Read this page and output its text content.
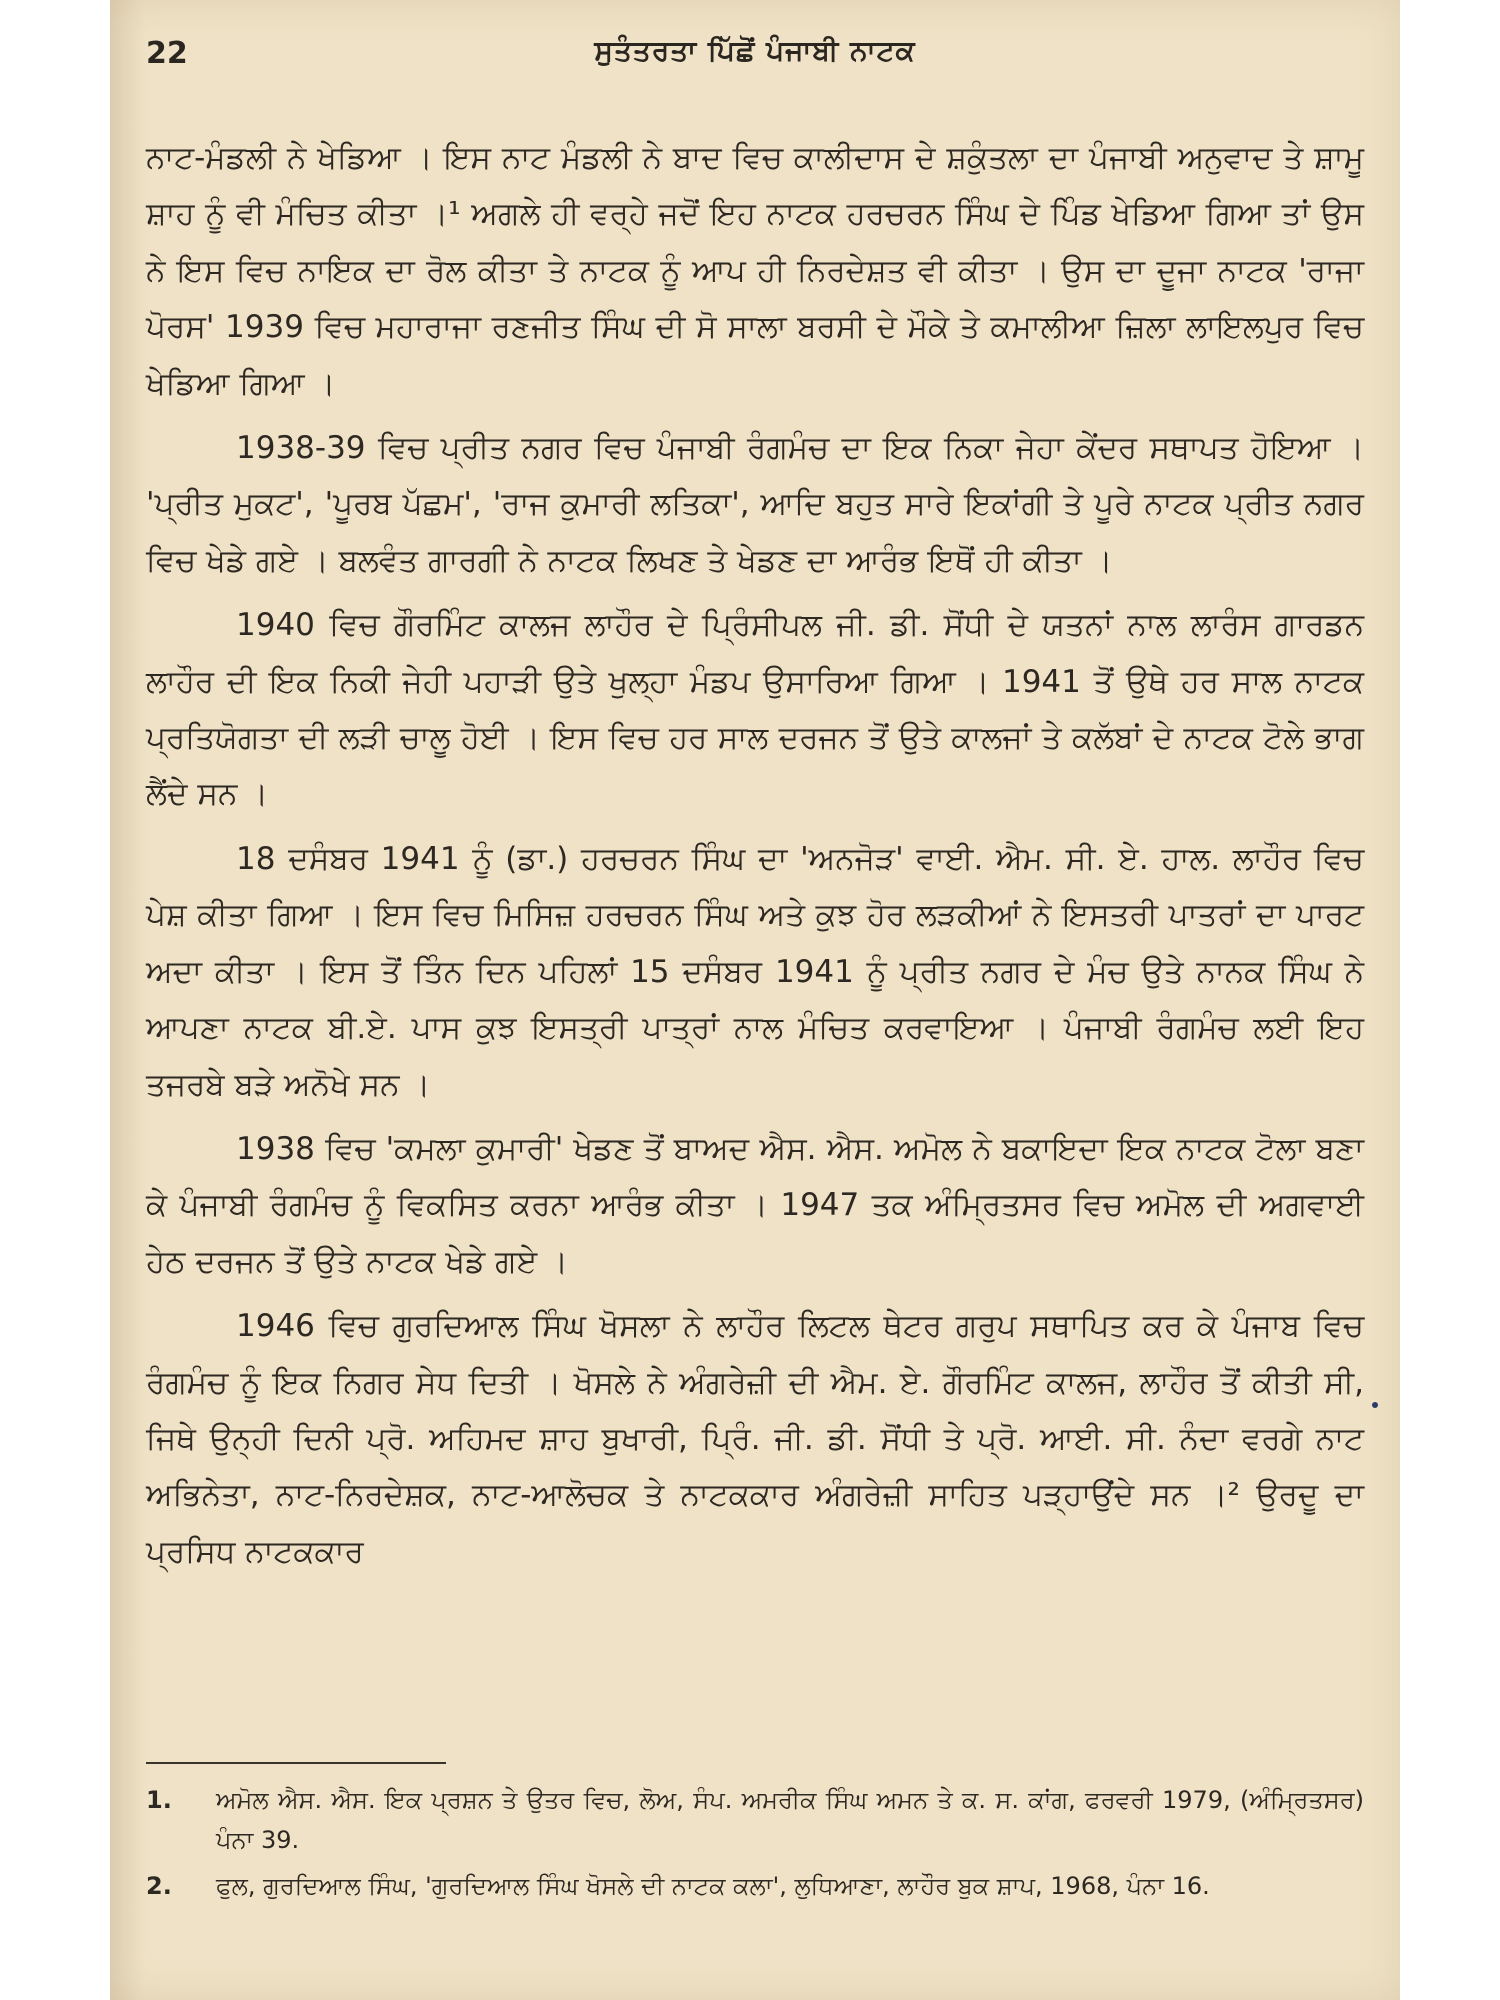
22	ਸੁਤੰਤਰਤਾ ਪਿੱਛੋਂ ਪੰਜਾਬੀ ਨਾਟਕ

ਨਾਟ-ਮੰਡਲੀ ਨੇ ਖੇਡਿਆ । ਇਸ ਨਾਟ ਮੰਡਲੀ ਨੇ ਬਾਦ ਵਿਚ ਕਾਲੀਦਾਸ ਦੇ ਸ਼ਕੁੰਤਲਾ ਦਾ ਪੰਜਾਬੀ ਅਨੁਵਾਦ ਤੇ ਸ਼ਾਮੂ ਸ਼ਾਹ ਨੂੰ ਵੀ ਮੰਚਿਤ ਕੀਤਾ ।¹ ਅਗਲੇ ਹੀ ਵਰ੍ਹੇ ਜਦੋਂ ਇਹ ਨਾਟਕ ਹਰਚਰਨ ਸਿੰਘ ਦੇ ਪਿੰਡ ਖੇਡਿਆ ਗਿਆ ਤਾਂ ਉਸ ਨੇ ਇਸ ਵਿਚ ਨਾਇਕ ਦਾ ਰੋਲ ਕੀਤਾ ਤੇ ਨਾਟਕ ਨੂੰ ਆਪ ਹੀ ਨਿਰਦੇਸ਼ਤ ਵੀ ਕੀਤਾ । ਉਸ ਦਾ ਦੂਜਾ ਨਾਟਕ 'ਰਾਜਾ ਪੋਰਸ' 1939 ਵਿਚ ਮਹਾਰਾਜਾ ਰਣਜੀਤ ਸਿੰਘ ਦੀ ਸੋ ਸਾਲਾ ਬਰਸੀ ਦੇ ਮੌਕੇ ਤੇ ਕਮਾਲੀਆ ਜ਼ਿਲਾ ਲਾਇਲਪੁਰ ਵਿਚ ਖੇਡਿਆ ਗਿਆ ।

1938-39 ਵਿਚ ਪ੍ਰੀਤ ਨਗਰ ਵਿਚ ਪੰਜਾਬੀ ਰੰਗਮੰਚ ਦਾ ਇਕ ਨਿਕਾ ਜੇਹਾ ਕੇਂਦਰ ਸਥਾਪਤ ਹੋਇਆ । 'ਪ੍ਰੀਤ ਮੁਕਟ', 'ਪੂਰਬ ਪੱਛਮ', 'ਰਾਜ ਕੁਮਾਰੀ ਲਤਿਕਾ', ਆਦਿ ਬਹੁਤ ਸਾਰੇ ਇਕਾਂਗੀ ਤੇ ਪੂਰੇ ਨਾਟਕ ਪ੍ਰੀਤ ਨਗਰ ਵਿਚ ਖੇਡੇ ਗਏ । ਬਲਵੰਤ ਗਾਰਗੀ ਨੇ ਨਾਟਕ ਲਿਖਣ ਤੇ ਖੇਡਣ ਦਾ ਆਰੰਭ ਇਥੋਂ ਹੀ ਕੀਤਾ ।

1940 ਵਿਚ ਗੌਰਮਿੰਟ ਕਾਲਜ ਲਾਹੌਰ ਦੇ ਪ੍ਰਿੰਸੀਪਲ ਜੀ. ਡੀ. ਸੋਂਧੀ ਦੇ ਯਤਨਾਂ ਨਾਲ ਲਾਰੰਸ ਗਾਰਡਨ ਲਾਹੌਰ ਦੀ ਇਕ ਨਿਕੀ ਜੇਹੀ ਪਹਾੜੀ ਉਤੇ ਖੁਲ੍ਹਾ ਮੰਡਪ ਉਸਾਰਿਆ ਗਿਆ । 1941 ਤੋਂ ਉਥੇ ਹਰ ਸਾਲ ਨਾਟਕ ਪ੍ਰਤਿਯੋਗਤਾ ਦੀ ਲੜੀ ਚਾਲੂ ਹੋਈ । ਇਸ ਵਿਚ ਹਰ ਸਾਲ ਦਰਜਨ ਤੋਂ ਉਤੇ ਕਾਲਜਾਂ ਤੇ ਕਲੱਬਾਂ ਦੇ ਨਾਟਕ ਟੋਲੇ ਭਾਗ ਲੈਂਦੇ ਸਨ ।

18 ਦਸੰਬਰ 1941 ਨੂੰ (ਡਾ.) ਹਰਚਰਨ ਸਿੰਘ ਦਾ 'ਅਨਜੋੜ' ਵਾਈ. ਐਮ. ਸੀ. ਏ. ਹਾਲ. ਲਾਹੌਰ ਵਿਚ ਪੇਸ਼ ਕੀਤਾ ਗਿਆ । ਇਸ ਵਿਚ ਮਿਸਿਜ਼ ਹਰਚਰਨ ਸਿੰਘ ਅਤੇ ਕੁਝ ਹੋਰ ਲੜਕੀਆਂ ਨੇ ਇਸਤਰੀ ਪਾਤਰਾਂ ਦਾ ਪਾਰਟ ਅਦਾ ਕੀਤਾ । ਇਸ ਤੋਂ ਤਿੰਨ ਦਿਨ ਪਹਿਲਾਂ 15 ਦਸੰਬਰ 1941 ਨੂੰ ਪ੍ਰੀਤ ਨਗਰ ਦੇ ਮੰਚ ਉਤੇ ਨਾਨਕ ਸਿੰਘ ਨੇ ਆਪਣਾ ਨਾਟਕ ਬੀ.ਏ. ਪਾਸ ਕੁਝ ਇਸਤ੍ਰੀ ਪਾਤ੍ਰਾਂ ਨਾਲ ਮੰਚਿਤ ਕਰਵਾਇਆ । ਪੰਜਾਬੀ ਰੰਗਮੰਚ ਲਈ ਇਹ ਤਜਰਬੇ ਬੜੇ ਅਨੋਖੇ ਸਨ ।

1938 ਵਿਚ 'ਕਮਲਾ ਕੁਮਾਰੀ' ਖੇਡਣ ਤੋਂ ਬਾਅਦ ਐਸ. ਐਸ. ਅਮੋਲ ਨੇ ਬਕਾਇਦਾ ਇਕ ਨਾਟਕ ਟੋਲਾ ਬਣਾ ਕੇ ਪੰਜਾਬੀ ਰੰਗਮੰਚ ਨੂੰ ਵਿਕਸਿਤ ਕਰਨਾ ਆਰੰਭ ਕੀਤਾ । 1947 ਤਕ ਅੰਮ੍ਰਿਤਸਰ ਵਿਚ ਅਮੋਲ ਦੀ ਅਗਵਾਈ ਹੇਠ ਦਰਜਨ ਤੋਂ ਉਤੇ ਨਾਟਕ ਖੇਡੇ ਗਏ ।

1946 ਵਿਚ ਗੁਰਦਿਆਲ ਸਿੰਘ ਖੋਸਲਾ ਨੇ ਲਾਹੌਰ ਲਿਟਲ ਥੇਟਰ ਗਰੁਪ ਸਥਾਪਿਤ ਕਰ ਕੇ ਪੰਜਾਬ ਵਿਚ ਰੰਗਮੰਚ ਨੂੰ ਇਕ ਨਿਗਰ ਸੇਧ ਦਿਤੀ । ਖੋਸਲੇ ਨੇ ਅੰਗਰੇਜ਼ੀ ਦੀ ਐਮ. ਏ. ਗੌਰਮਿੰਟ ਕਾਲਜ, ਲਾਹੌਰ ਤੋਂ ਕੀਤੀ ਸੀ, ਜਿਥੇ ਉਨ੍ਹੀ ਦਿਨੀ ਪ੍ਰੋ. ਅਹਿਮਦ ਸ਼ਾਹ ਬੁਖਾਰੀ, ਪ੍ਰਿੰ. ਜੀ. ਡੀ. ਸੋਂਧੀ ਤੇ ਪ੍ਰੋ. ਆਈ. ਸੀ. ਨੰਦਾ ਵਰਗੇ ਨਾਟ ਅਭਿਨੇਤਾ, ਨਾਟ-ਨਿਰਦੇਸ਼ਕ, ਨਾਟ-ਆਲੋਚਕ ਤੇ ਨਾਟਕਕਾਰ ਅੰਗਰੇਜ਼ੀ ਸਾਹਿਤ ਪੜ੍ਹਾਉਂਦੇ ਸਨ ।² ਉਰਦੂ ਦਾ ਪ੍ਰਸਿਧ ਨਾਟਕਕਾਰ

1.	ਅਮੋਲ ਐਸ. ਐਸ. ਇਕ ਪ੍ਰਸ਼ਨ ਤੇ ਉਤਰ ਵਿਚ, ਲੋਅ, ਸੰਪ. ਅਮਰੀਕ ਸਿੰਘ ਅਮਨ ਤੇ ਕ. ਸ. ਕਾਂਗ, ਫਰਵਰੀ 1979, (ਅੰਮ੍ਰਿਤਸਰ) ਪੰਨਾ 39.
2.	ਫੁਲ, ਗੁਰਦਿਆਲ ਸਿੰਘ, 'ਗੁਰਦਿਆਲ ਸਿੰਘ ਖੋਸਲੇ ਦੀ ਨਾਟਕ ਕਲਾ', ਲੁਧਿਆਣਾ, ਲਾਹੌਰ ਬੁਕ ਸ਼ਾਪ, 1968, ਪੰਨਾ 16.
